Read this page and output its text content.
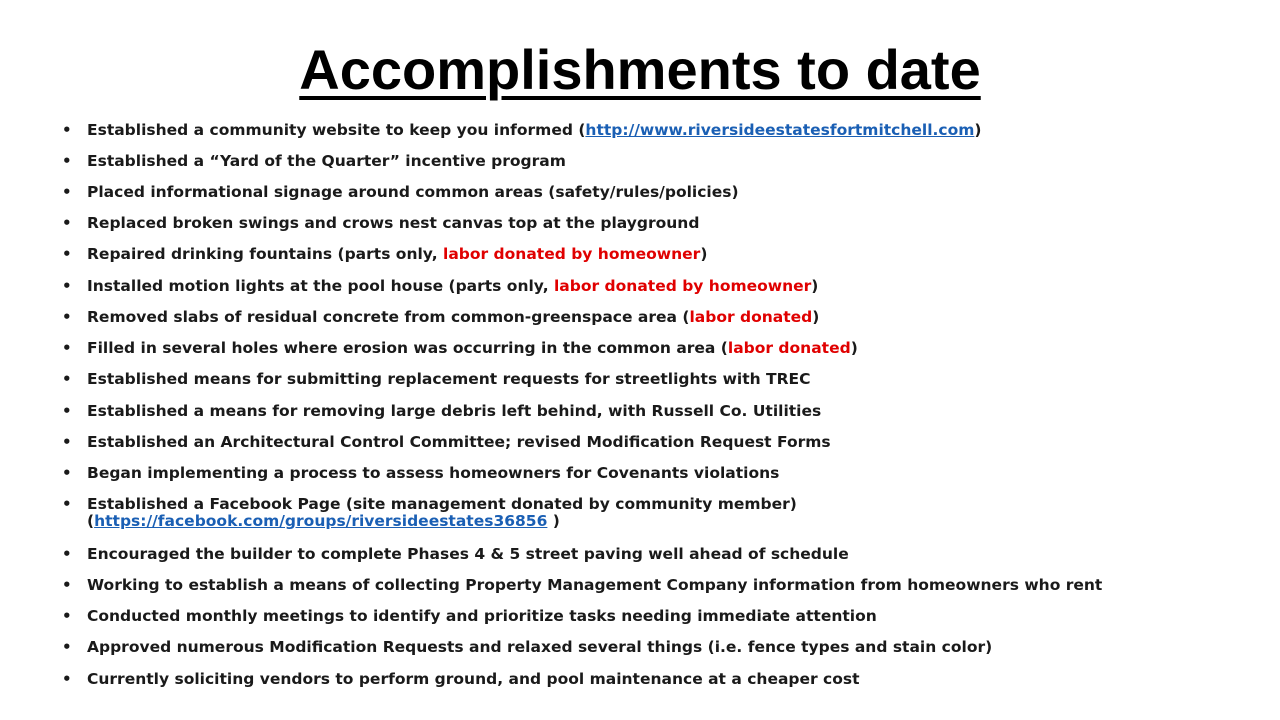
Accomplishments to date
• Established a community website to keep you informed (http://www.riversideestatesfortmitchell.com)
• Established a “Yard of the Quarter” incentive program
• Placed informational signage around common areas (safety/rules/policies)
• Replaced broken swings and crows nest canvas top at the playground
• Repaired drinking fountains (parts only, labor donated by homeowner)
• Installed motion lights at the pool house (parts only, labor donated by homeowner)
• Removed slabs of residual concrete from common-greenspace area (labor donated)
• Filled in several holes where erosion was occurring in the common area (labor donated)
• Established means for submitting replacement requests for streetlights with TREC
• Established a means for removing large debris left behind, with Russell Co. Utilities
• Established an Architectural Control Committee; revised Modification Request Forms
• Began implementing a process to assess homeowners for Covenants violations
• Established a Facebook Page (site management donated by community member)
(https://facebook.com/groups/riversideestates36856 )
• Encouraged the builder to complete Phases 4 & 5 street paving well ahead of schedule
• Working to establish a means of collecting Property Management Company information from homeowners who rent
• Conducted monthly meetings to identify and prioritize tasks needing immediate attention
• Approved numerous Modification Requests and relaxed several things (i.e. fence types and stain color)
• Currently soliciting vendors to perform ground, and pool maintenance at a cheaper cost
